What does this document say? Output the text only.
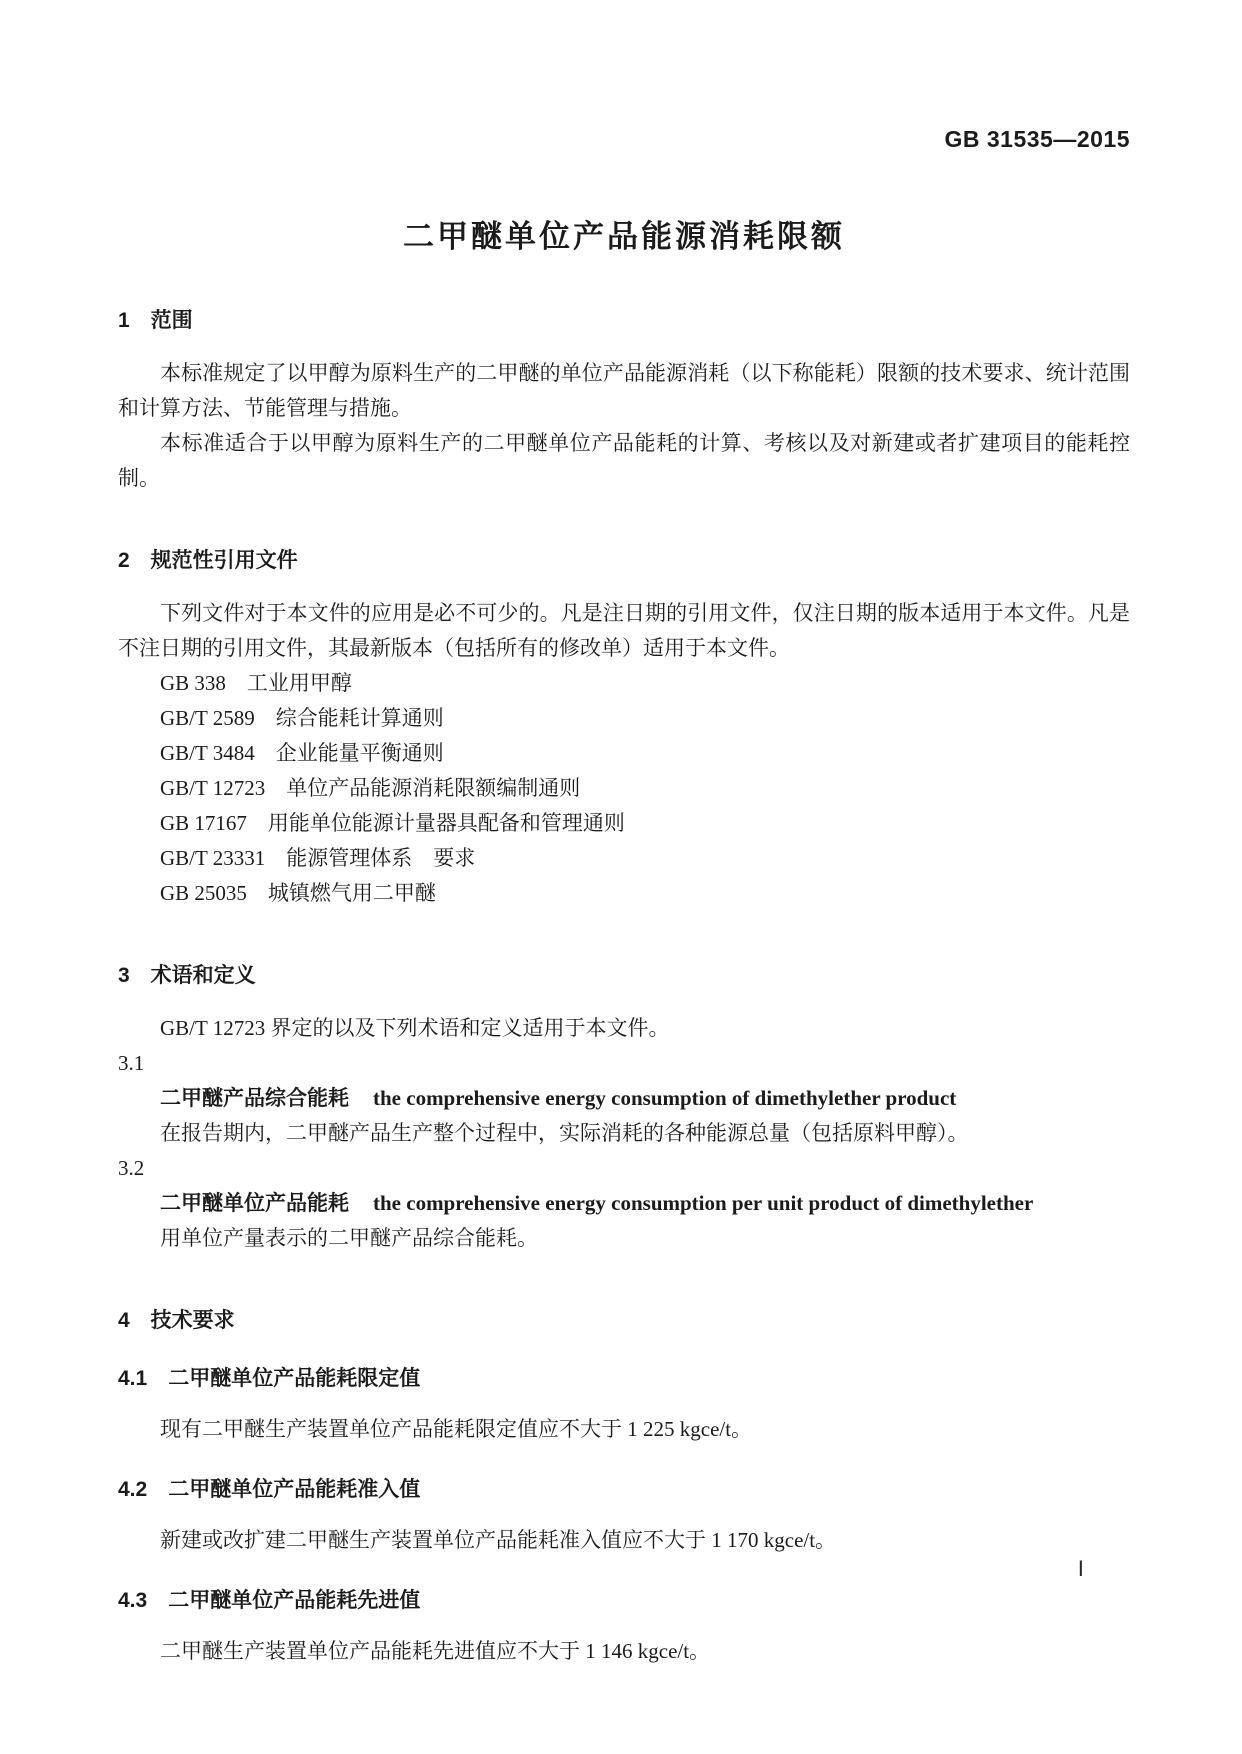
GB 31535—2015
二甲醚单位产品能源消耗限额
1　范围

本标准规定了以甲醇为原料生产的二甲醚的单位产品能源消耗（以下称能耗）限额的技术要求、统计范围和计算方法、节能管理与措施。

本标准适合于以甲醇为原料生产的二甲醚单位产品能耗的计算、考核以及对新建或者扩建项目的能耗控制。

2　规范性引用文件

下列文件对于本文件的应用是必不可少的。凡是注日期的引用文件，仅注日期的版本适用于本文件。凡是不注日期的引用文件，其最新版本（包括所有的修改单）适用于本文件。

GB 338　工业用甲醇
GB/T 2589　综合能耗计算通则
GB/T 3484　企业能量平衡通则
GB/T 12723　单位产品能源消耗限额编制通则
GB 17167　用能单位能源计量器具配备和管理通则
GB/T 23331　能源管理体系　要求
GB 25035　城镇燃气用二甲醚
3　术语和定义

GB/T 12723 界定的以及下列术语和定义适用于本文件。

3.1
二甲醚产品综合能耗 the comprehensive energy consumption of dimethylether product

在报告期内，二甲醚产品生产整个过程中，实际消耗的各种能源总量（包括原料甲醇）。

3.2
二甲醚单位产品能耗 the comprehensive energy consumption per unit product of dimethylether

用单位产量表示的二甲醚产品综合能耗。

4　技术要求
4.1　二甲醚单位产品能耗限定值

现有二甲醚生产装置单位产品能耗限定值应不大于 1 225 kgce/t。

4.2　二甲醚单位产品能耗准入值

新建或改扩建二甲醚生产装置单位产品能耗准入值应不大于 1 170 kgce/t。

4.3　二甲醚单位产品能耗先进值

二甲醚生产装置单位产品能耗先进值应不大于 1 146 kgce/t。

Ⅰ
